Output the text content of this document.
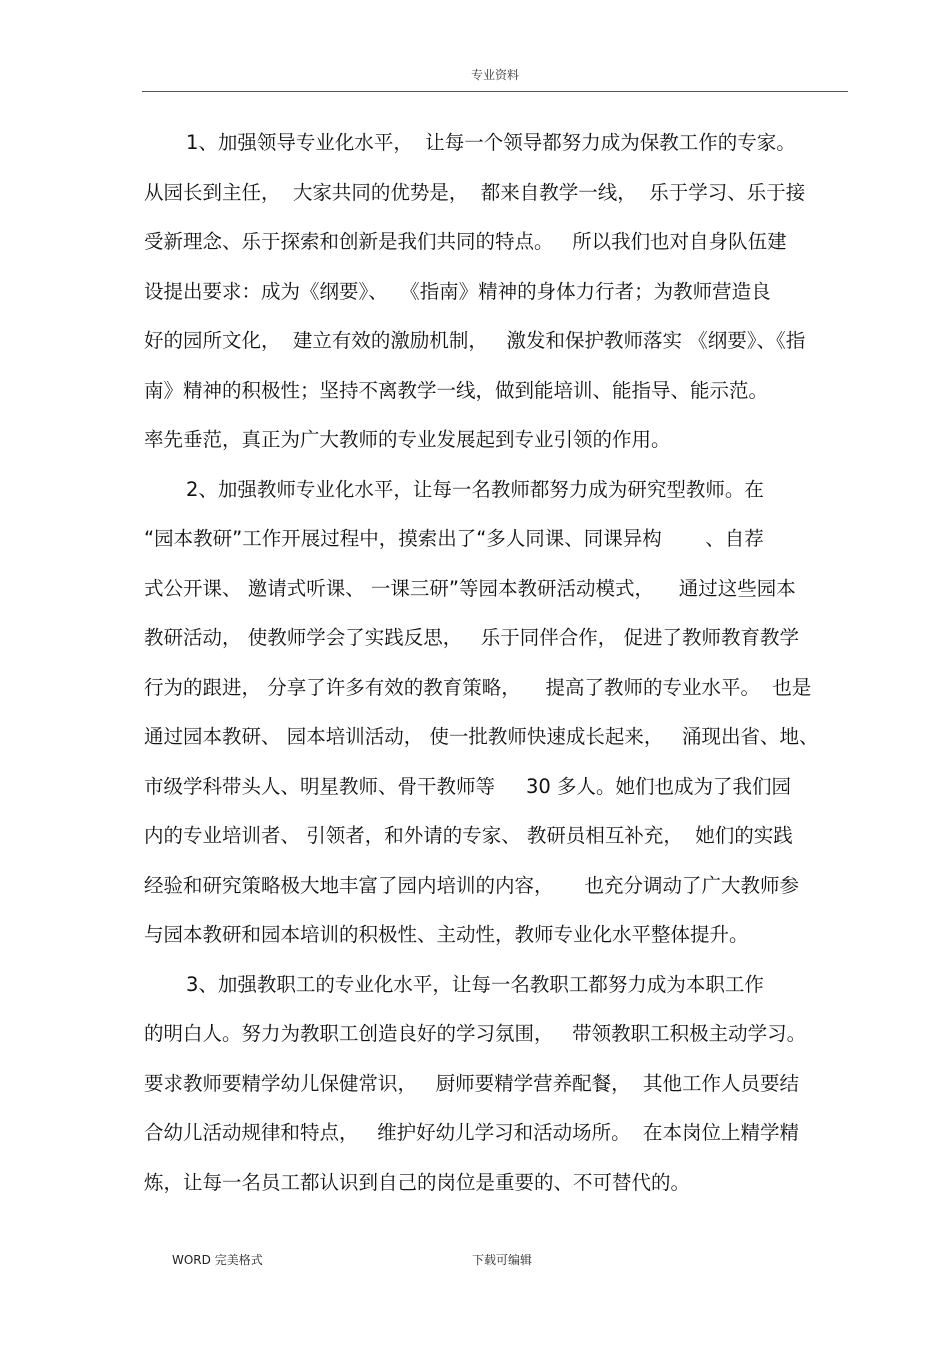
专业资料
1、加强领导专业化水平，  让每一个领导都努力成为保教工作的专家。
从园长到主任，  大家共同的优势是，  都来自教学一线，  乐于学习、乐于接
受新理念、乐于探索和创新是我们共同的特点。   所以我们也对自身队伍建
设提出要求：成为《纲要》、  《指南》精神的身体力行者；为教师营造良
好的园所文化，  建立有效的激励机制，   激发和保护教师落实 《纲要》、《指
南》精神的积极性；坚持不离教学一线，做到能培训、能指导、能示范。
率先垂范，真正为广大教师的专业发展起到专业引领的作用。
2、加强教师专业化水平，让每一名教师都努力成为研究型教师。在
“园本教研”工作开展过程中，摸索出了“多人同课、同课异构       、自荐
式公开课、 邀请式听课、 一课三研”等园本教研活动模式，    通过这些园本
教研活动， 使教师学会了实践反思，   乐于同伴合作， 促进了教师教育教学
行为的跟进， 分享了许多有效的教育策略，    提高了教师的专业水平。  也是
通过园本教研、 园本培训活动， 使一批教师快速成长起来，   涌现出省、地、
市级学科带头人、明星教师、骨干教师等     30 多人。她们也成为了我们园
内的专业培训者、 引领者，和外请的专家、 教研员相互补充，  她们的实践
经验和研究策略极大地丰富了园内培训的内容，     也充分调动了广大教师参
与园本教研和园本培训的积极性、主动性，教师专业化水平整体提升。
3、加强教职工的专业化水平，让每一名教职工都努力成为本职工作
的明白人。努力为教职工创造良好的学习氛围，   带领教职工积极主动学习。
要求教师要精学幼儿保健常识，   厨师要精学营养配餐，  其他工作人员要结
合幼儿活动规律和特点，   维护好幼儿学习和活动场所。  在本岗位上精学精
炼，让每一名员工都认识到自己的岗位是重要的、不可替代的。
WORD 完美格式	下载可编辑
